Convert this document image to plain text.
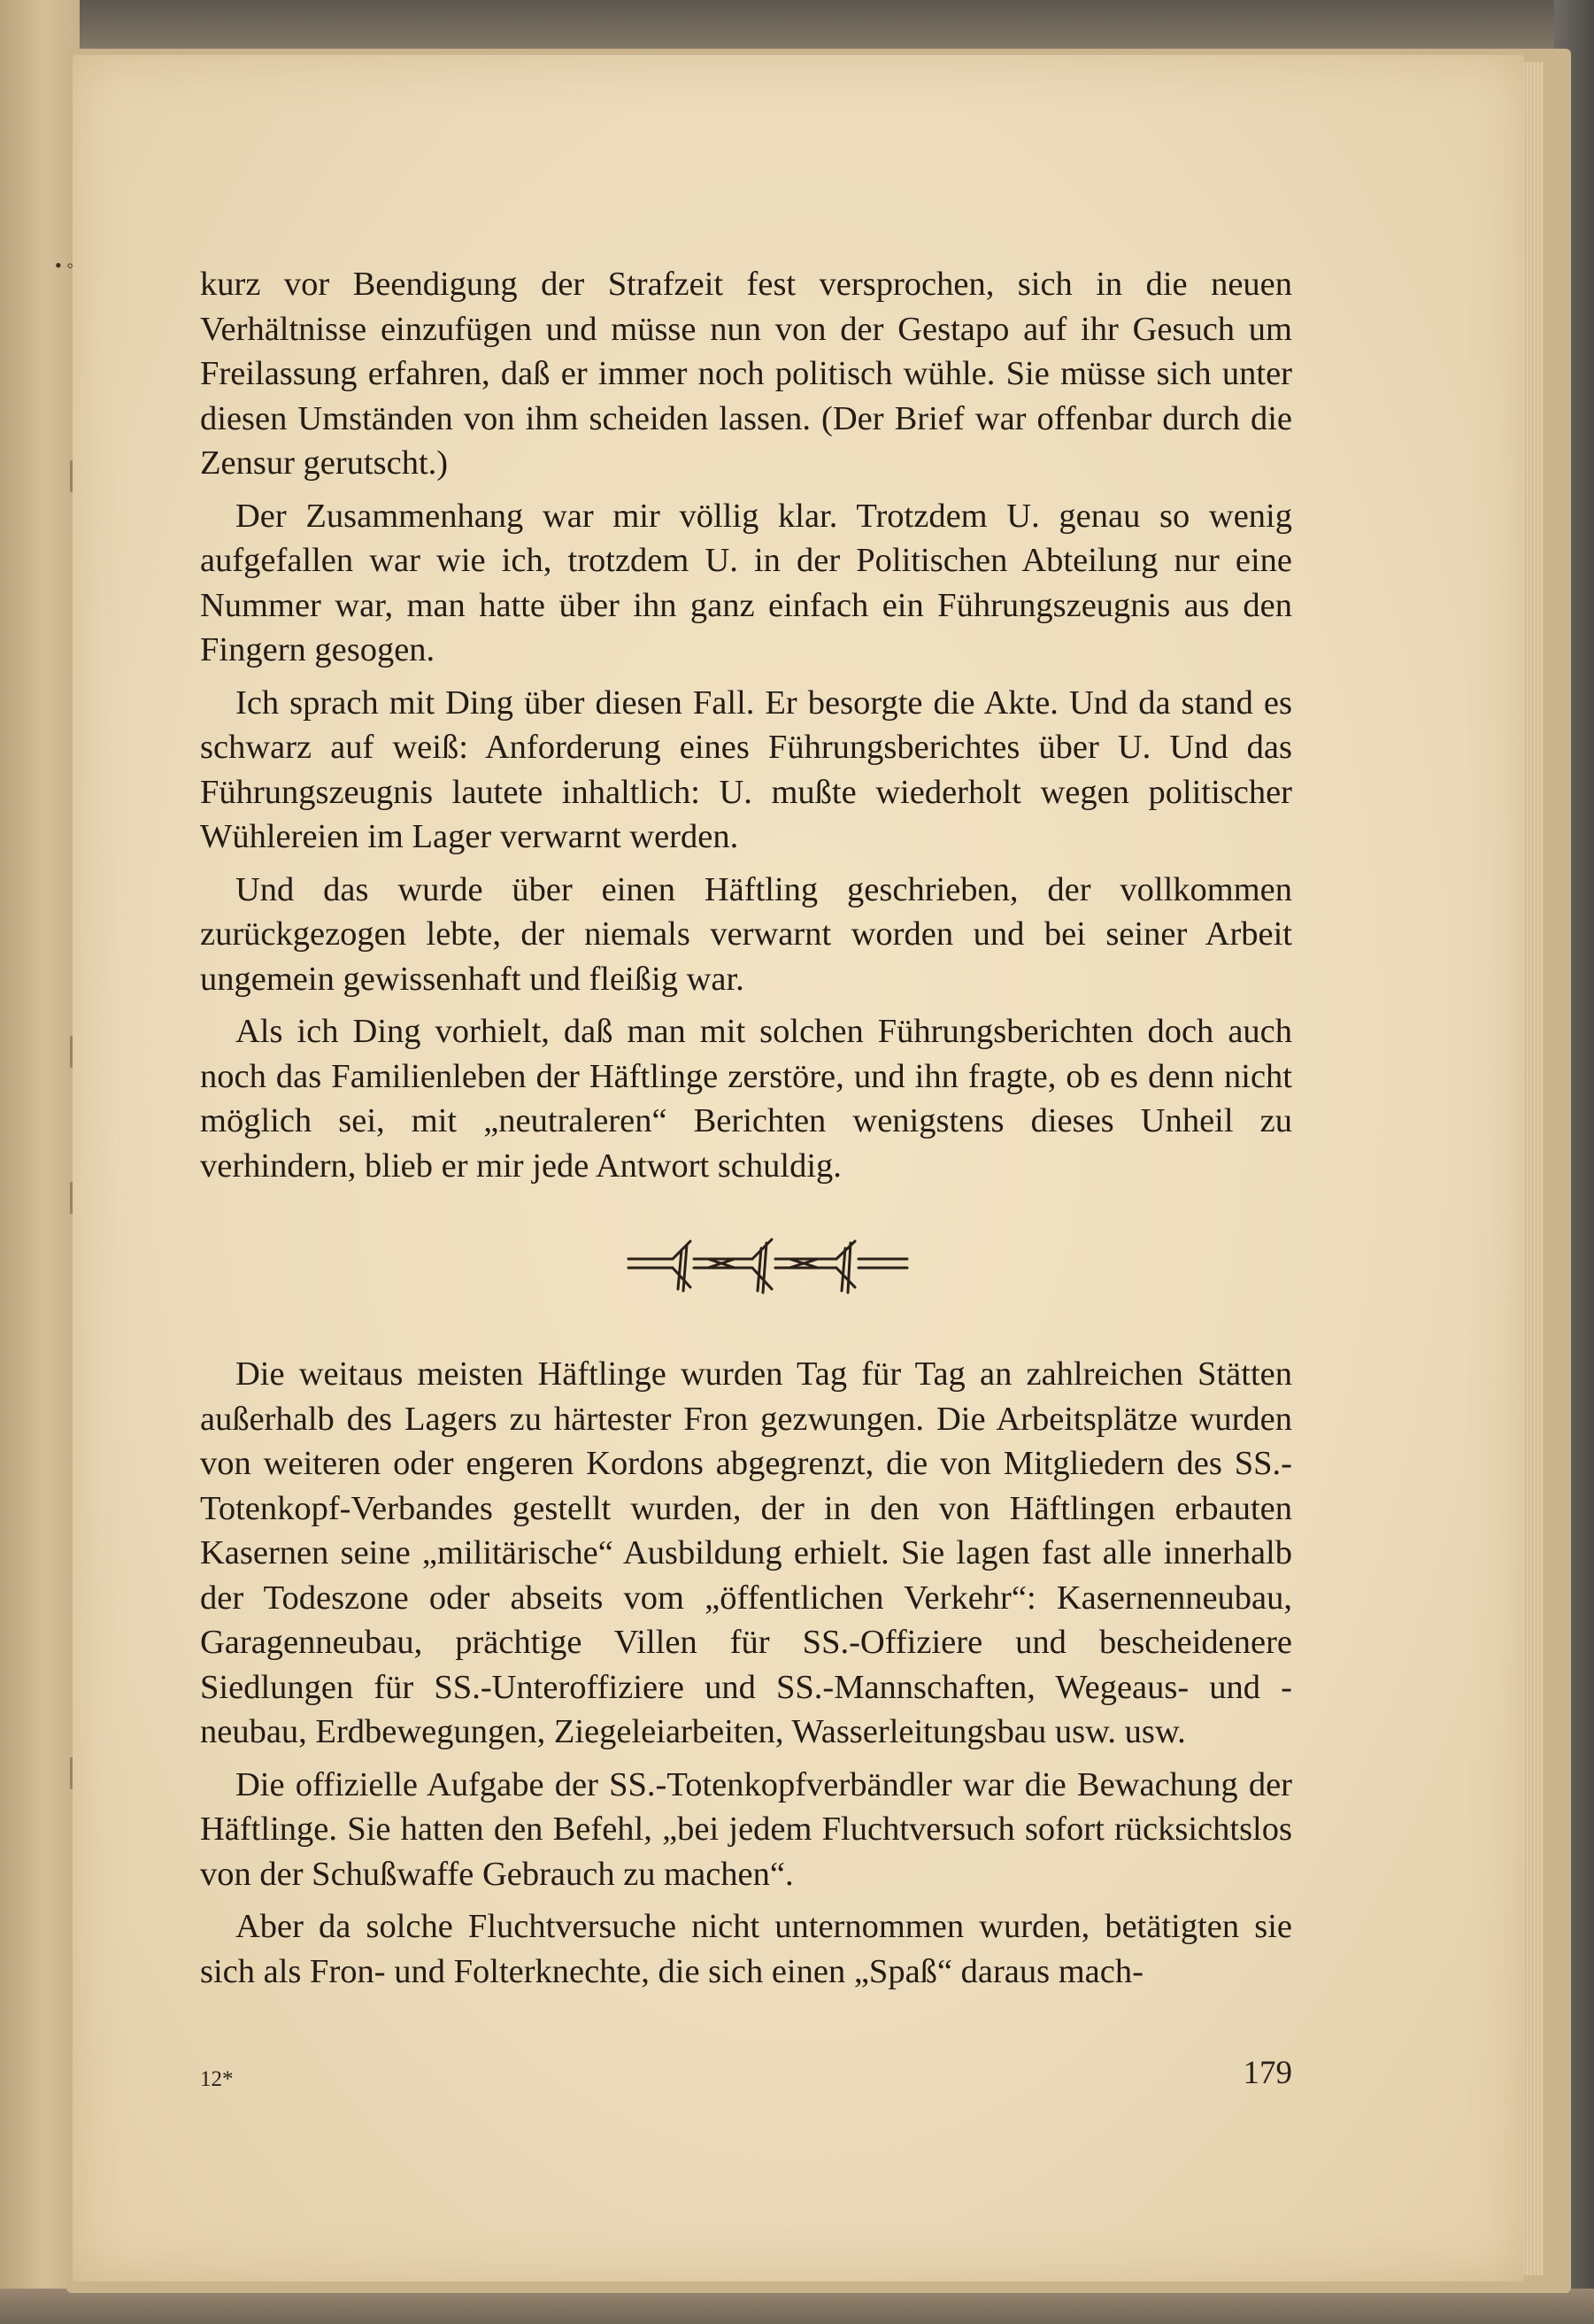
• ◦

kurz vor Beendigung der Strafzeit fest versprochen, sich in die neuen Verhältnisse einzufügen und müsse nun von der Gestapo auf ihr Gesuch um Freilassung erfahren, daß er immer noch politisch wühle. Sie müsse sich unter diesen Umständen von ihm scheiden lassen. (Der Brief war offenbar durch die Zensur gerutscht.)

Der Zusammenhang war mir völlig klar. Trotzdem U. genau so wenig aufgefallen war wie ich, trotzdem U. in der Politischen Abteilung nur eine Nummer war, man hatte über ihn ganz einfach ein Führungszeugnis aus den Fingern gesogen.

Ich sprach mit Ding über diesen Fall. Er besorgte die Akte. Und da stand es schwarz auf weiß: Anforderung eines Führungsberichtes über U. Und das Führungszeugnis lautete inhaltlich: U. mußte wiederholt wegen politischer Wühlereien im Lager verwarnt werden.

Und das wurde über einen Häftling geschrieben, der vollkommen zurückgezogen lebte, der niemals verwarnt worden und bei seiner Arbeit ungemein gewissenhaft und fleißig war.

Als ich Ding vorhielt, daß man mit solchen Führungsberichten doch auch noch das Familienleben der Häftlinge zerstöre, und ihn fragte, ob es denn nicht möglich sei, mit „neutraleren“ Berichten wenigstens dieses Unheil zu verhindern, blieb er mir jede Antwort schuldig.

Die weitaus meisten Häftlinge wurden Tag für Tag an zahlreichen Stätten außerhalb des Lagers zu härtester Fron gezwungen. Die Arbeitsplätze wurden von weiteren oder engeren Kordons abgegrenzt, die von Mitgliedern des SS.-Totenkopf-Verbandes gestellt wurden, der in den von Häftlingen erbauten Kasernen seine „militärische“ Ausbildung erhielt. Sie lagen fast alle innerhalb der Todeszone oder abseits vom „öffentlichen Verkehr“: Kasernenneubau, Garagenneubau, prächtige Villen für SS.-Offiziere und bescheidenere Siedlungen für SS.-Unteroffiziere und SS.-Mannschaften, Wegeaus- und -neubau, Erdbewegungen, Ziegeleiarbeiten, Wasserleitungsbau usw. usw.

Die offizielle Aufgabe der SS.-Totenkopfverbändler war die Bewachung der Häftlinge. Sie hatten den Befehl, „bei jedem Fluchtversuch sofort rücksichtslos von der Schußwaffe Gebrauch zu machen“.

Aber da solche Fluchtversuche nicht unternommen wurden, betätigten sie sich als Fron- und Folterknechte, die sich einen „Spaß“ daraus mach-

12*	179
